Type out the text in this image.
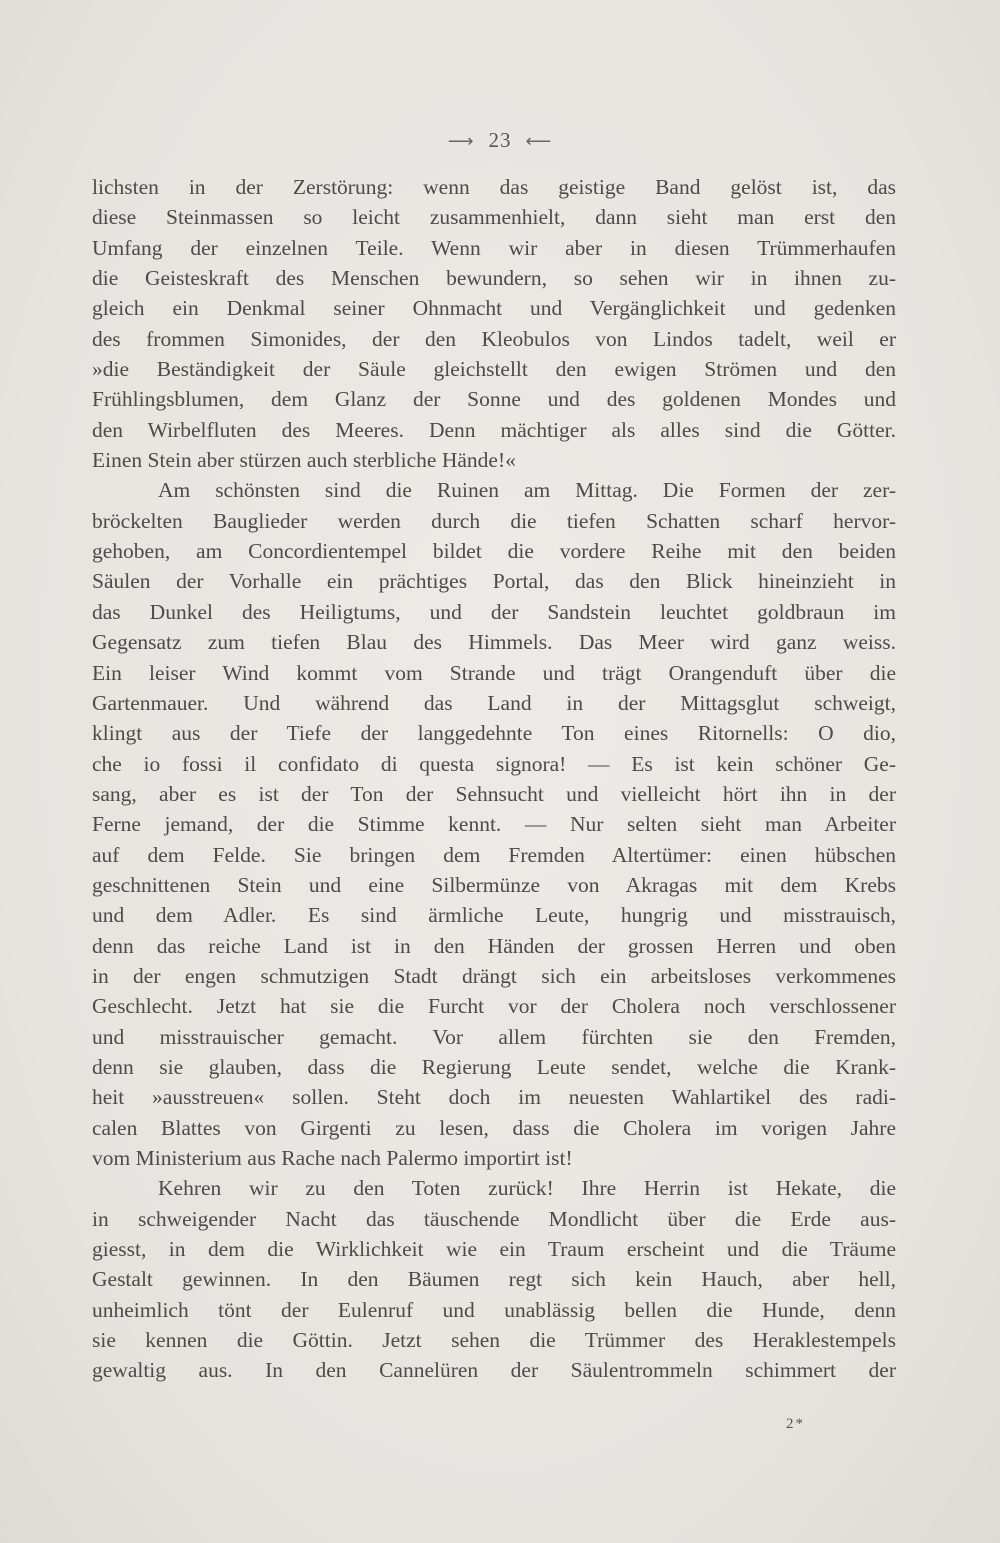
⟶ 23 ⟵
lichsten in der Zerstörung: wenn das geistige Band gelöst ist, das
diese Steinmassen so leicht zusammenhielt, dann sieht man erst den
Umfang der einzelnen Teile. Wenn wir aber in diesen Trümmerhaufen
die Geisteskraft des Menschen bewundern, so sehen wir in ihnen zu-
gleich ein Denkmal seiner Ohnmacht und Vergänglichkeit und gedenken
des frommen Simonides, der den Kleobulos von Lindos tadelt, weil er
»die Beständigkeit der Säule gleichstellt den ewigen Strömen und den
Frühlingsblumen, dem Glanz der Sonne und des goldenen Mondes und
den Wirbelfluten des Meeres. Denn mächtiger als alles sind die Götter.
Einen Stein aber stürzen auch sterbliche Hände!«
Am schönsten sind die Ruinen am Mittag. Die Formen der zer-
bröckelten Bauglieder werden durch die tiefen Schatten scharf hervor-
gehoben, am Concordientempel bildet die vordere Reihe mit den beiden
Säulen der Vorhalle ein prächtiges Portal, das den Blick hineinzieht in
das Dunkel des Heiligtums, und der Sandstein leuchtet goldbraun im
Gegensatz zum tiefen Blau des Himmels. Das Meer wird ganz weiss.
Ein leiser Wind kommt vom Strande und trägt Orangenduft über die
Gartenmauer. Und während das Land in der Mittagsglut schweigt,
klingt aus der Tiefe der langgedehnte Ton eines Ritornells: O dio,
che io fossi il confidato di questa signora! — Es ist kein schöner Ge-
sang, aber es ist der Ton der Sehnsucht und vielleicht hört ihn in der
Ferne jemand, der die Stimme kennt. — Nur selten sieht man Arbeiter
auf dem Felde. Sie bringen dem Fremden Altertümer: einen hübschen
geschnittenen Stein und eine Silbermünze von Akragas mit dem Krebs
und dem Adler. Es sind ärmliche Leute, hungrig und misstrauisch,
denn das reiche Land ist in den Händen der grossen Herren und oben
in der engen schmutzigen Stadt drängt sich ein arbeitsloses verkommenes
Geschlecht. Jetzt hat sie die Furcht vor der Cholera noch verschlossener
und misstrauischer gemacht. Vor allem fürchten sie den Fremden,
denn sie glauben, dass die Regierung Leute sendet, welche die Krank-
heit »ausstreuen« sollen. Steht doch im neuesten Wahlartikel des radi-
calen Blattes von Girgenti zu lesen, dass die Cholera im vorigen Jahre
vom Ministerium aus Rache nach Palermo importirt ist!
Kehren wir zu den Toten zurück! Ihre Herrin ist Hekate, die
in schweigender Nacht das täuschende Mondlicht über die Erde aus-
giesst, in dem die Wirklichkeit wie ein Traum erscheint und die Träume
Gestalt gewinnen. In den Bäumen regt sich kein Hauch, aber hell,
unheimlich tönt der Eulenruf und unablässig bellen die Hunde, denn
sie kennen die Göttin. Jetzt sehen die Trümmer des Heraklestempels
gewaltig aus. In den Cannelüren der Säulentrommeln schimmert der
2*
